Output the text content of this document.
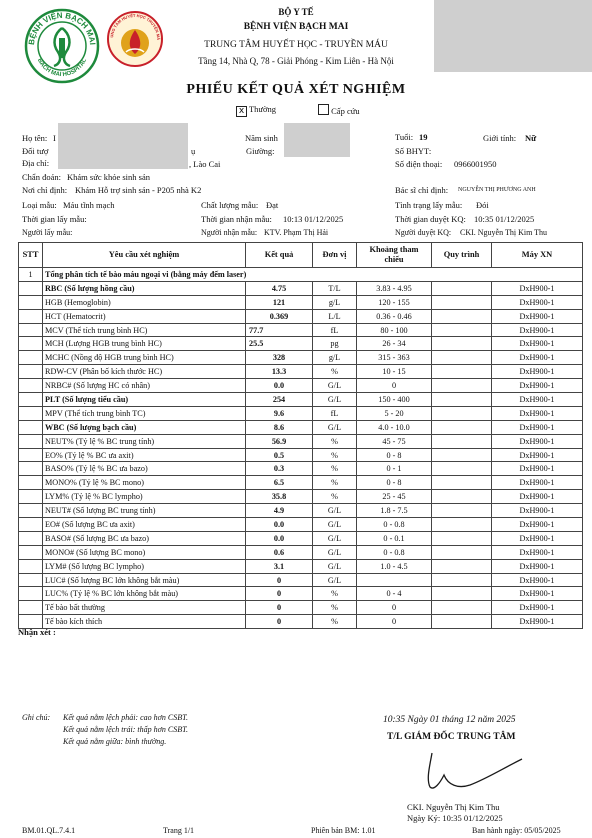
BỆNH VIỆN BẠCH MAI
BACH MAI HOSPITAL
UNG TÂM HUYẾT HỌC TRUYỀN MÁ
BỘ Y TẾ
BỆNH VIỆN BẠCH MAI
TRUNG TÂM HUYẾT HỌC - TRUYỀN MÁU
Tầng 14, Nhà Q, 78 - Giải Phóng - Kim Liên - Hà Nội
PHIẾU KẾT QUẢ XÉT NGHIỆM
x Thường	Cấp cứu
Họ tên: I	Năm sinh	Tuổi: 19	Giới tính: Nữ
Đối tượ	ụ	Giường:	Số BHYT:
Địa chỉ:	, Lào Cai	Số điện thoại: 0966001950
Chẩn đoán: Khám sức khỏe sinh sản
Nơi chỉ định: Khám Hỗ trợ sinh sản - P205 nhà K2	Bác sĩ chỉ định: NGUYỄN THỊ PHƯƠNG ANH
Loại mẫu: Máu tĩnh mạch	Chất lượng mẫu: Đạt	Tình trạng lấy mẫu: Đói
Thời gian lấy mẫu:	Thời gian nhận mẫu: 10:13 01/12/2025	Thời gian duyệt KQ: 10:35 01/12/2025
Người lấy mẫu:	Người nhận mẫu: KTV. Phạm Thị Hải	Người duyệt KQ: CKI. Nguyễn Thị Kim Thu
STT	Yêu cầu xét nghiệm	Kết quả	Đơn vị	Khoảng tham chiếu	Quy trình	Máy XN
1	Tổng phân tích tế bào máu ngoại vi (bằng máy đếm laser)					
	RBC (Số lượng hồng cầu)	4.75	T/L	3.83 - 4.95		DxH900-1
	HGB (Hemoglobin)	121	g/L	120 - 155		DxH900-1
	HCT (Hematocrit)	0.369	L/L	0.36 - 0.46		DxH900-1
	MCV (Thể tích trung bình HC)	77.7	fL	80 - 100		DxH900-1
	MCH (Lượng HGB trung bình HC)	25.5	pg	26 - 34		DxH900-1
	MCHC (Nồng độ HGB trung bình HC)	328	g/L	315 - 363		DxH900-1
	RDW-CV (Phân bố kích thước HC)	13.3	%	10 - 15		DxH900-1
	NRBC# (Số lượng HC có nhân)	0.0	G/L	0		DxH900-1
	PLT (Số lượng tiểu cầu)	254	G/L	150 - 400		DxH900-1
	MPV (Thể tích trung bình TC)	9.6	fL	5 - 20		DxH900-1
	WBC (Số lượng bạch cầu)	8.6	G/L	4.0 - 10.0		DxH900-1
	NEUT% (Tỷ lệ % BC trung tính)	56.9	%	45 - 75		DxH900-1
	EO% (Tỷ lệ % BC ưa axit)	0.5	%	0 - 8		DxH900-1
	BASO% (Tỷ lệ % BC ưa bazo)	0.3	%	0 - 1		DxH900-1
	MONO% (Tỷ lệ % BC mono)	6.5	%	0 - 8		DxH900-1
	LYM% (Tỷ lệ % BC lympho)	35.8	%	25 - 45		DxH900-1
	NEUT# (Số lượng BC trung tính)	4.9	G/L	1.8 - 7.5		DxH900-1
	EO# (Số lượng BC ưa axit)	0.0	G/L	0 - 0.8		DxH900-1
	BASO# (Số lượng BC ưa bazo)	0.0	G/L	0 - 0.1		DxH900-1
	MONO# (Số lượng BC mono)	0.6	G/L	0 - 0.8		DxH900-1
	LYM# (Số lượng BC lympho)	3.1	G/L	1.0 - 4.5		DxH900-1
	LUC# (Số lượng BC lớn không bắt màu)	0	G/L			DxH900-1
	LUC% (Tỷ lệ % BC lớn không bắt màu)	0	%	0 - 4		DxH900-1
	Tế bào bất thường	0	%	0		DxH900-1
	Tế bào kích thích	0	%	0		DxH900-1
Nhận xét :
Ghi chú: Kết quả nằm lệch phải: cao hơn CSBT.
Kết quả nằm lệch trái: thấp hơn CSBT.
Kết quả nằm giữa: bình thường.
10:35 Ngày 01 tháng 12 năm 2025
T/L GIÁM ĐỐC TRUNG TÂM
CKI. Nguyễn Thị Kim Thu
Ngày Ký: 10:35 01/12/2025
BM.01.QL.7.4.1	Trang 1/1	Phiên bản BM: 1.01	Ban hành ngày: 05/05/2025
